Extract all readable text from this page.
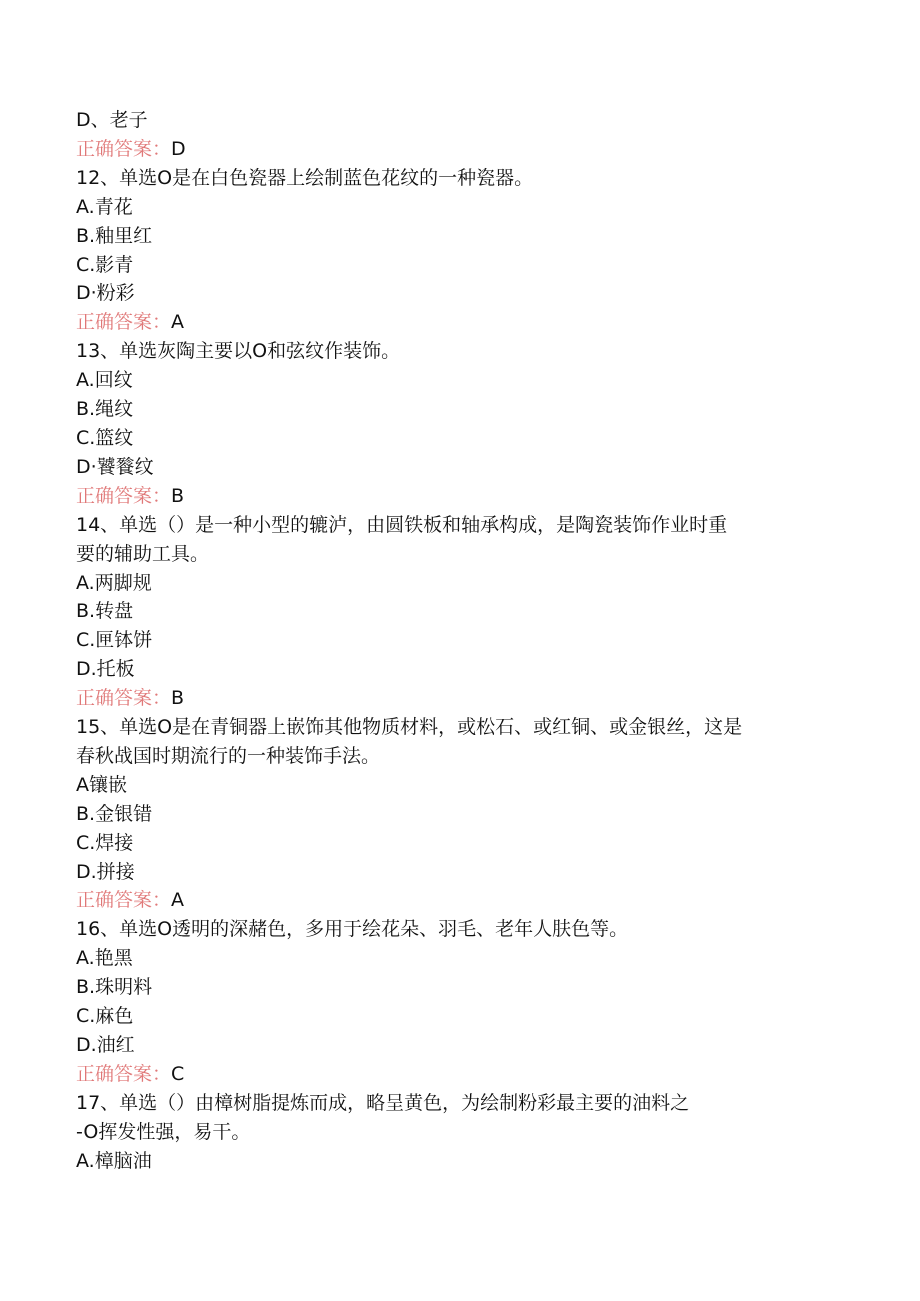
D、老子
正确答案：D
12、单选O是在白色瓷器上绘制蓝色花纹的一种瓷器。
A.青花
B.釉里红
C.影青
D·粉彩
正确答案：A
13、单选灰陶主要以O和弦纹作装饰。
A.回纹
B.绳纹
C.篮纹
D·饕餮纹
正确答案：B
14、单选（）是一种小型的辘泸，由圆铁板和轴承构成，是陶瓷装饰作业时重
要的辅助工具。
A.两脚规
B.转盘
C.匣钵饼
D.托板
正确答案：B
15、单选O是在青铜器上嵌饰其他物质材料，或松石、或红铜、或金银丝，这是
春秋战国时期流行的一种装饰手法。
A镶嵌
B.金银错
C.焊接
D.拼接
正确答案：A
16、单选O透明的深赭色，多用于绘花朵、羽毛、老年人肤色等。
A.艳黑
B.珠明料
C.麻色
D.油红
正确答案：C
17、单选（）由樟树脂提炼而成，略呈黄色，为绘制粉彩最主要的油料之
-O挥发性强，易干。
A.樟脑油
